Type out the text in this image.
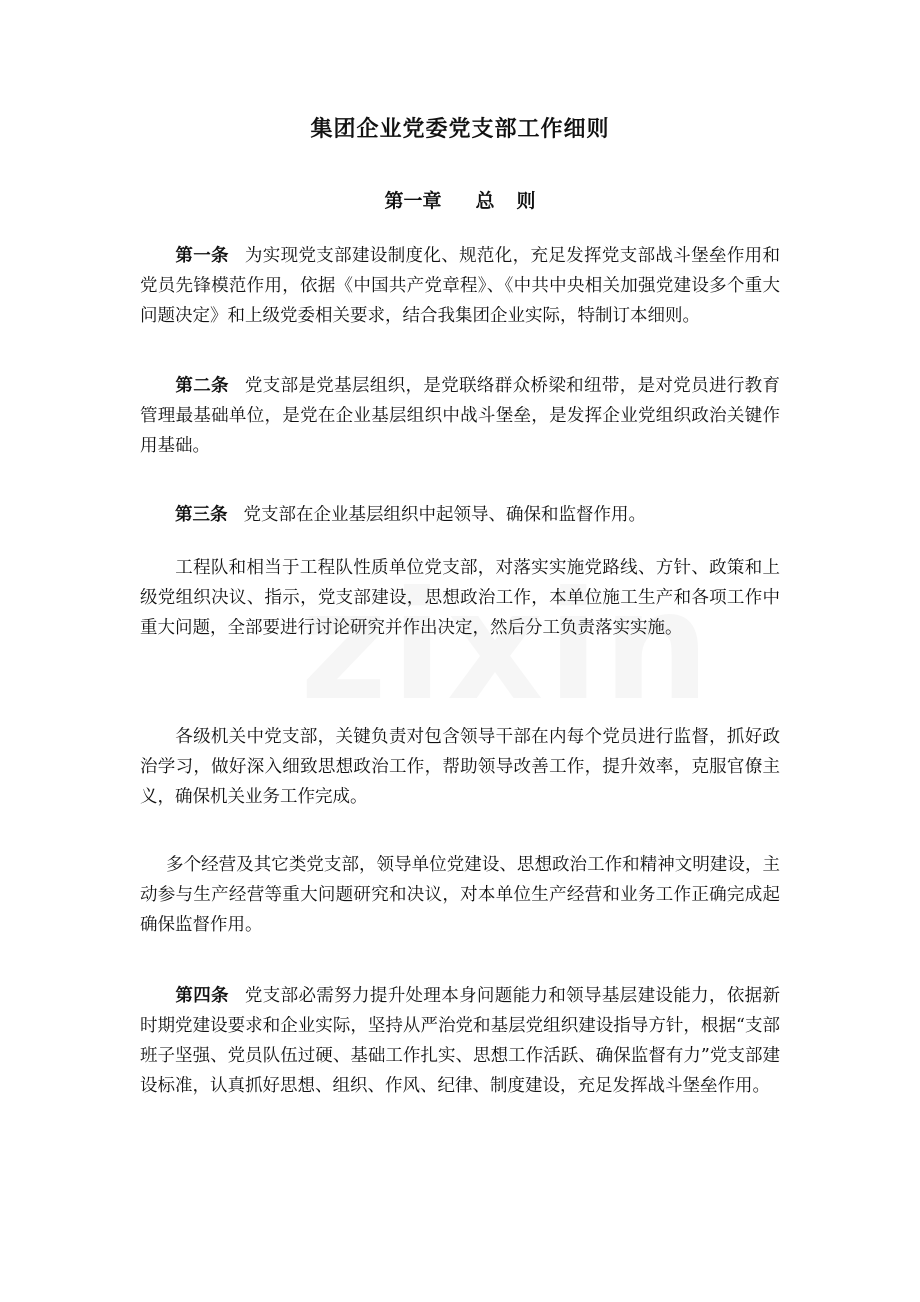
集团企业党委党支部工作细则
第一章 总 则

第一条 为实现党支部建设制度化、规范化，充足发挥党支部战斗堡垒作用和党员先锋模范作用，依据《中国共产党章程》、《中共中央相关加强党建设多个重大问题决定》和上级党委相关要求，结合我集团企业实际，特制订本细则。

第二条 党支部是党基层组织，是党联络群众桥梁和纽带，是对党员进行教育管理最基础单位，是党在企业基层组织中战斗堡垒，是发挥企业党组织政治关键作用基础。

第三条 党支部在企业基层组织中起领导、确保和监督作用。

工程队和相当于工程队性质单位党支部，对落实实施党路线、方针、政策和上级党组织决议、指示，党支部建设，思想政治工作，本单位施工生产和各项工作中重大问题，全部要进行讨论研究并作出决定，然后分工负责落实实施。

各级机关中党支部，关键负责对包含领导干部在内每个党员进行监督，抓好政治学习，做好深入细致思想政治工作，帮助领导改善工作，提升效率，克服官僚主义，确保机关业务工作完成。

多个经营及其它类党支部，领导单位党建设、思想政治工作和精神文明建设，主动参与生产经营等重大问题研究和决议，对本单位生产经营和业务工作正确完成起确保监督作用。

第四条 党支部必需努力提升处理本身问题能力和领导基层建设能力，依据新时期党建设要求和企业实际，坚持从严治党和基层党组织建设指导方针，根据“支部班子坚强、党员队伍过硬、基础工作扎实、思想工作活跃、确保监督有力”党支部建设标准，认真抓好思想、组织、作风、纪律、制度建设，充足发挥战斗堡垒作用。
